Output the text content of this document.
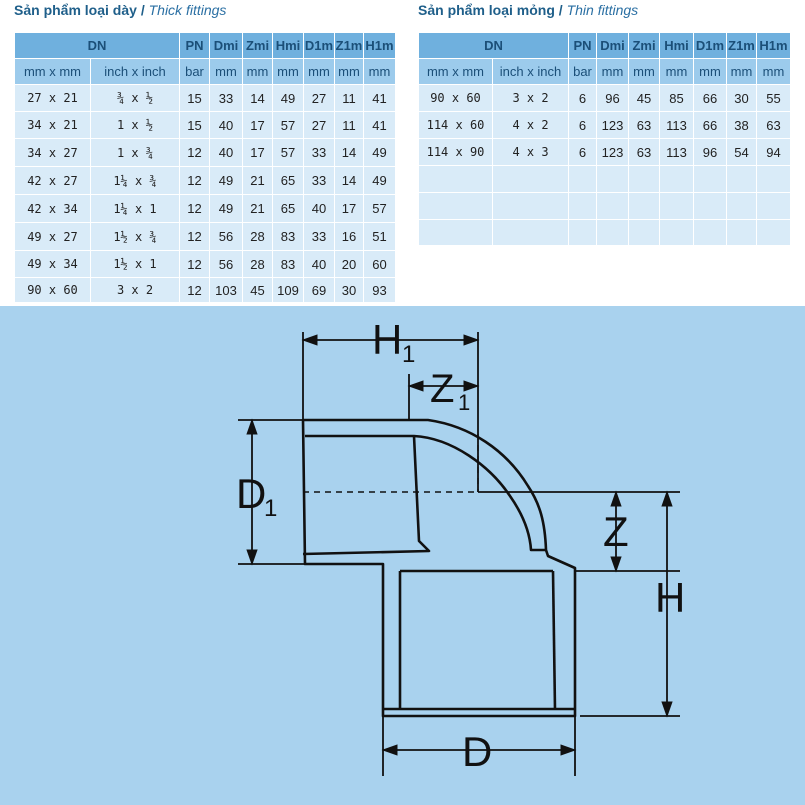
Sản phẩm loại dày / Thick fittings	Sản phẩm loại mỏng / Thin fittings
DN		PN	Dmi	Zmi	Hmi	D1m	Z1m	H1m
mm x mm	inch x inch	bar	mm	mm	mm	mm	mm	mm
27 x 21	¾ x ½	15	33	14	49	27	11	41
34 x 21	1 x ½	15	40	17	57	27	11	41
34 x 27	1 x ¾	12	40	17	57	33	14	49
42 x 27	1¼ x ¾	12	49	21	65	33	14	49
42 x 34	1¼ x 1	12	49	21	65	40	17	57
49 x 27	1½ x ¾	12	56	28	83	33	16	51
49 x 34	1½ x 1	12	56	28	83	40	20	60
90 x 60	3 x 2	12	103	45	109	69	30	93
DN		PN	Dmi	Zmi	Hmi	D1m	Z1m	H1m
mm x mm	inch x inch	bar	mm	mm	mm	mm	mm	mm
90 x 60	3 x 2	6	96	45	85	66	30	55
114 x 60	4 x 2	6	123	63	113	66	38	63
114 x 90	4 x 3	6	123	63	113	96	54	94

H 1
Z 1
D
1	Z
H
D
